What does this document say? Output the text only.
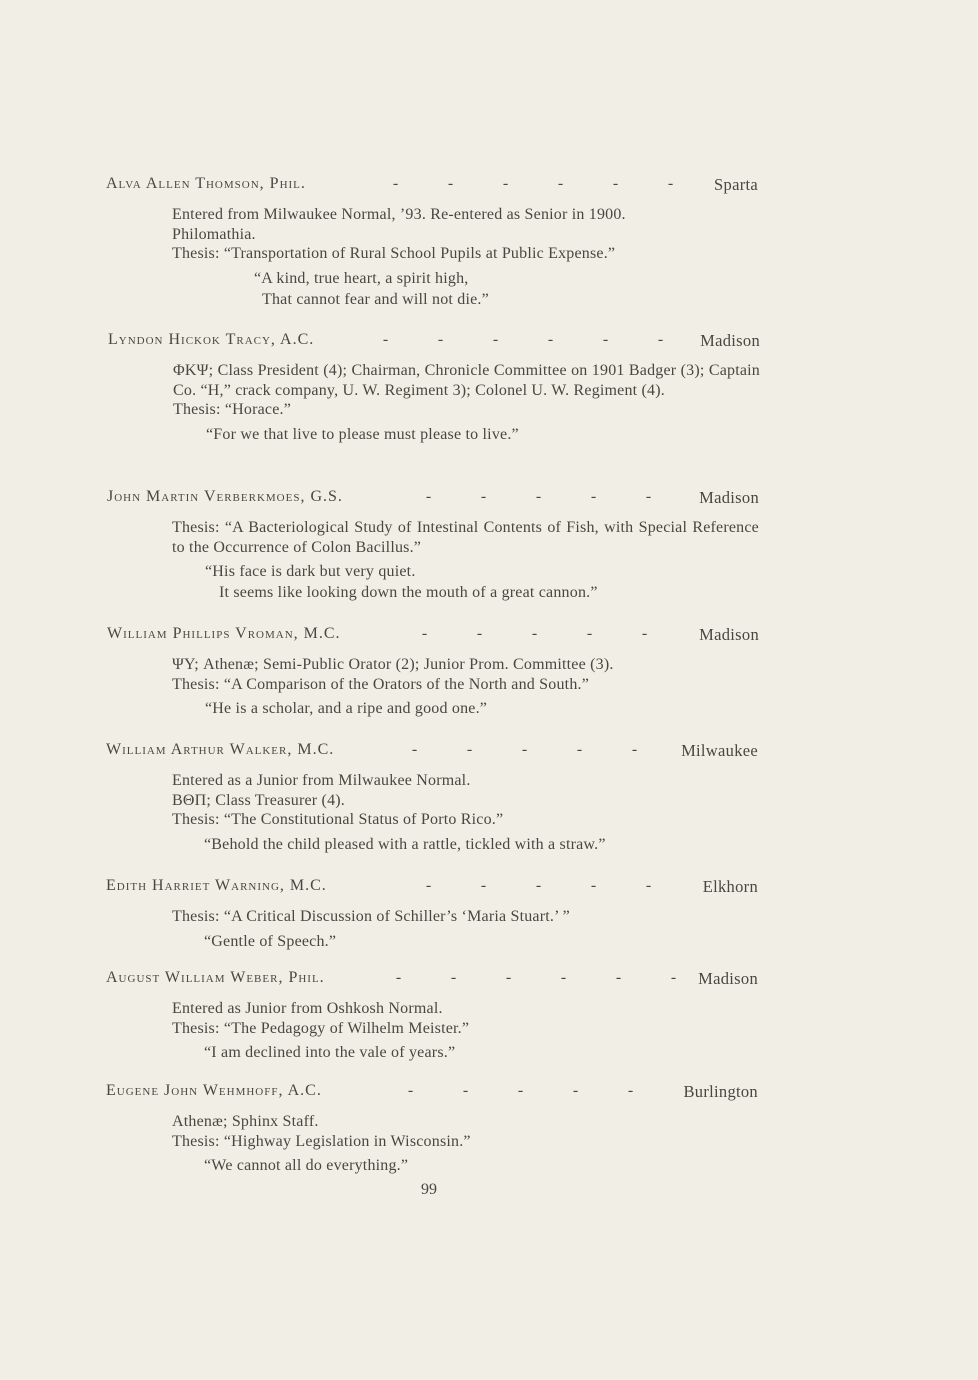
Alva Allen Thomson, Phil.	-	-	-	-	-	-	Sparta
Entered from Milwaukee Normal, ’93. Re-entered as Senior in 1900.
Philomathia.
Thesis: “Transportation of Rural School Pupils at Public Expense.”
“A kind, true heart, a spirit high,
That cannot fear and will not die.”
Lyndon Hickok Tracy, A.C.	-	-	-	-	-	-	Madison
ΦΚΨ; Class President (4); Chairman, Chronicle Committee on 1901 Badger (3); Captain Co. “H,” crack company, U. W. Regiment 3); Colonel U. W. Regiment (4).
Thesis: “Horace.”
“For we that live to please must please to live.”
John Martin Verberkmoes, G.S.	-	-	-	-	-	Madison
Thesis: “A Bacteriological Study of Intestinal Contents of Fish, with Special Reference to the Occurrence of Colon Bacillus.”
“His face is dark but very quiet.
It seems like looking down the mouth of a great cannon.”
William Phillips Vroman, M.C.	-	-	-	-	-	Madison
ΨΥ; Athenæ; Semi-Public Orator (2); Junior Prom. Committee (3).
Thesis: “A Comparison of the Orators of the North and South.”
“He is a scholar, and a ripe and good one.”
William Arthur Walker, M.C.	-	-	-	-	-	Milwaukee
Entered as a Junior from Milwaukee Normal.
ΒΘΠ; Class Treasurer (4).
Thesis: “The Constitutional Status of Porto Rico.”
“Behold the child pleased with a rattle, tickled with a straw.”
Edith Harriet Warning, M.C.	-	-	-	-	-	Elkhorn
Thesis: “A Critical Discussion of Schiller’s ‘Maria Stuart.’ ”
“Gentle of Speech.”
August William Weber, Phil.	-	-	-	-	-	-	Madison
Entered as Junior from Oshkosh Normal.
Thesis: “The Pedagogy of Wilhelm Meister.”
“I am declined into the vale of years.”
Eugene John Wehmhoff, A.C.	-	-	-	-	-	Burlington
Athenæ; Sphinx Staff.
Thesis: “Highway Legislation in Wisconsin.”
“We cannot all do everything.”
99
